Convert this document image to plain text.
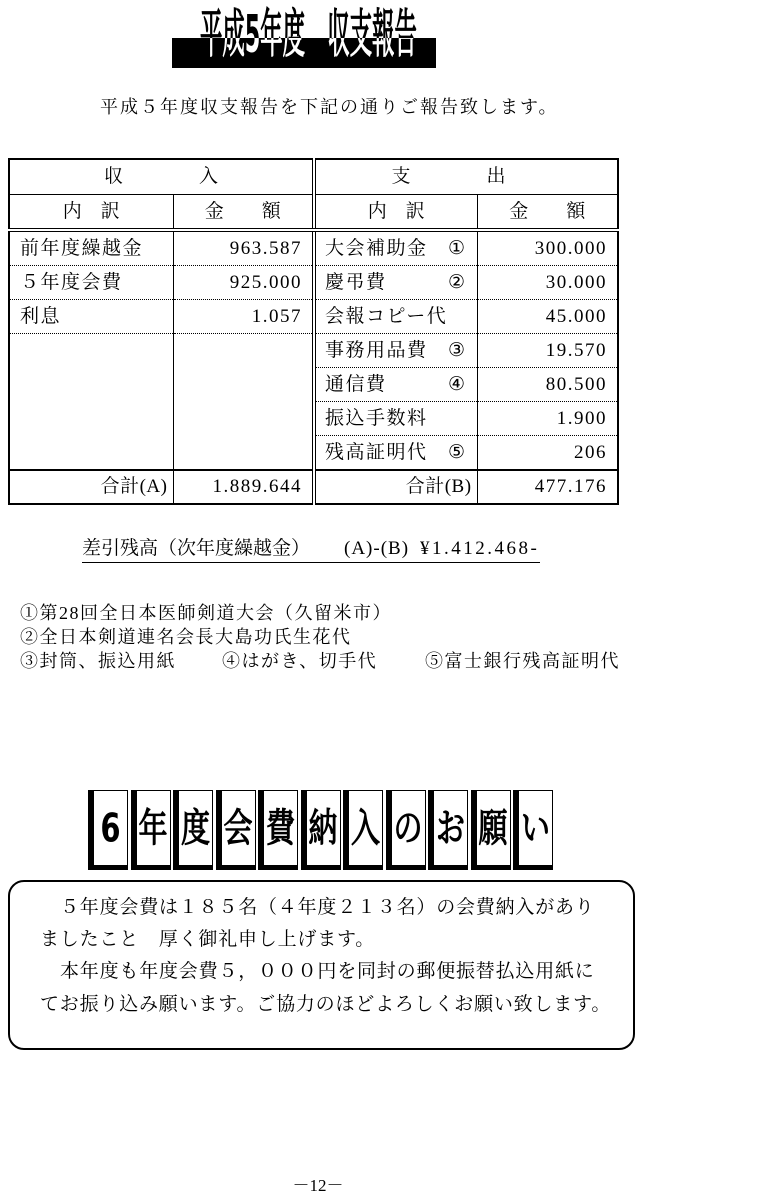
平成5年度　収支報告
平成５年度収支報告を下記の通りご報告致します。
収　　　　入		支　　　　出	
内　訳	金　　額	内　訳	金　　額
前年度繰越金	963.587	大会補助金 ①	300.000
５年度会費	925.000	慶弔費 ②	30.000
利息	1.057	会報コピー代	45.000

		事務用品費 ③	19.570

		通信費 ④	80.500

		振込手数料	1.900

		残高証明代 ⑤	206
合計(A)	1.889.644	合計(B)	477.176
差引残高（次年度繰越金） (A)-(B) ¥1.412.468-
①第28回全日本医師剣道大会（久留米市）
②全日本剣道連名会長大島功氏生花代
③封筒、振込用紙	④はがき、切手代	⑤富士銀行残高証明代
6 年 度 会 費 納 入 の お 願 い
５年度会費は１８５名（４年度２１３名）の会費納入があり
ましたこと　厚く御礼申し上げます。
本年度も年度会費５，０００円を同封の郵便振替払込用紙に
てお振り込み願います。ご協力のほどよろしくお願い致します。
－12－
